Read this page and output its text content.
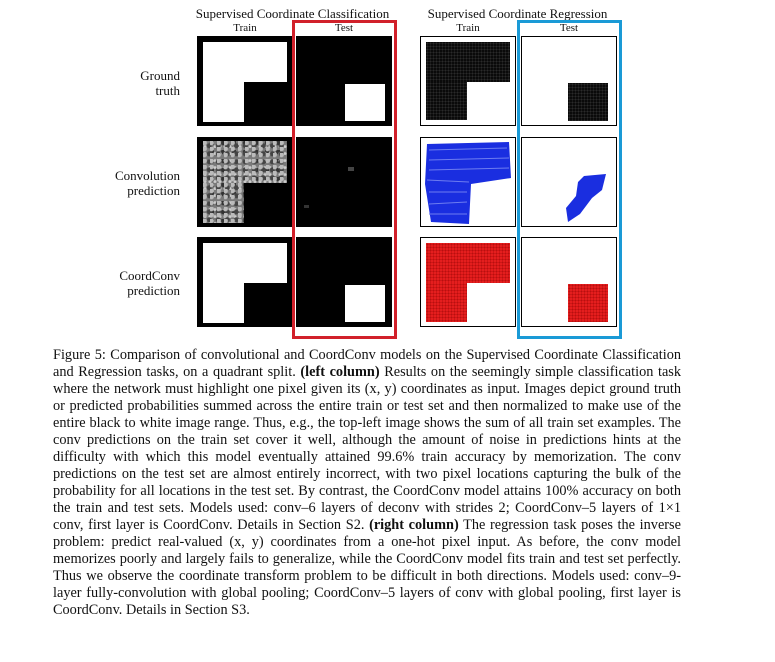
Supervised Coordinate Classification	Supervised Coordinate Regression
Train	Test	Train	Test
Ground
truth
Convolution
prediction
CoordConv
prediction
Figure 5: Comparison of convolutional and CoordConv models on the Supervised Coordinate Classification and Regression tasks, on a quadrant split. (left column) Results on the seemingly simple classification task where the network must highlight one pixel given its (x, y) coordinates as input. Images depict ground truth or predicted probabilities summed across the entire train or test set and then normalized to make use of the entire black to white image range. Thus, e.g., the top-left image shows the sum of all train set examples. The conv predictions on the train set cover it well, although the amount of noise in predictions hints at the difficulty with which this model eventually attained 99.6% train accuracy by memorization. The conv predictions on the test set are almost entirely incorrect, with two pixel locations capturing the bulk of the probability for all locations in the test set. By contrast, the CoordConv model attains 100% accuracy on both the train and test sets. Models used: conv–6 layers of deconv with strides 2; CoordConv–5 layers of 1×1 conv, first layer is CoordConv. Details in Section S2. (right column) The regression task poses the inverse problem: predict real-valued (x, y) coordinates from a one-hot pixel input. As before, the conv model memorizes poorly and largely fails to generalize, while the CoordConv model fits train and test set perfectly. Thus we observe the coordinate transform problem to be difficult in both directions. Models used: conv–9-layer fully-convolution with global pooling; CoordConv–5 layers of conv with global pooling, first layer is CoordConv. Details in Section S3.
